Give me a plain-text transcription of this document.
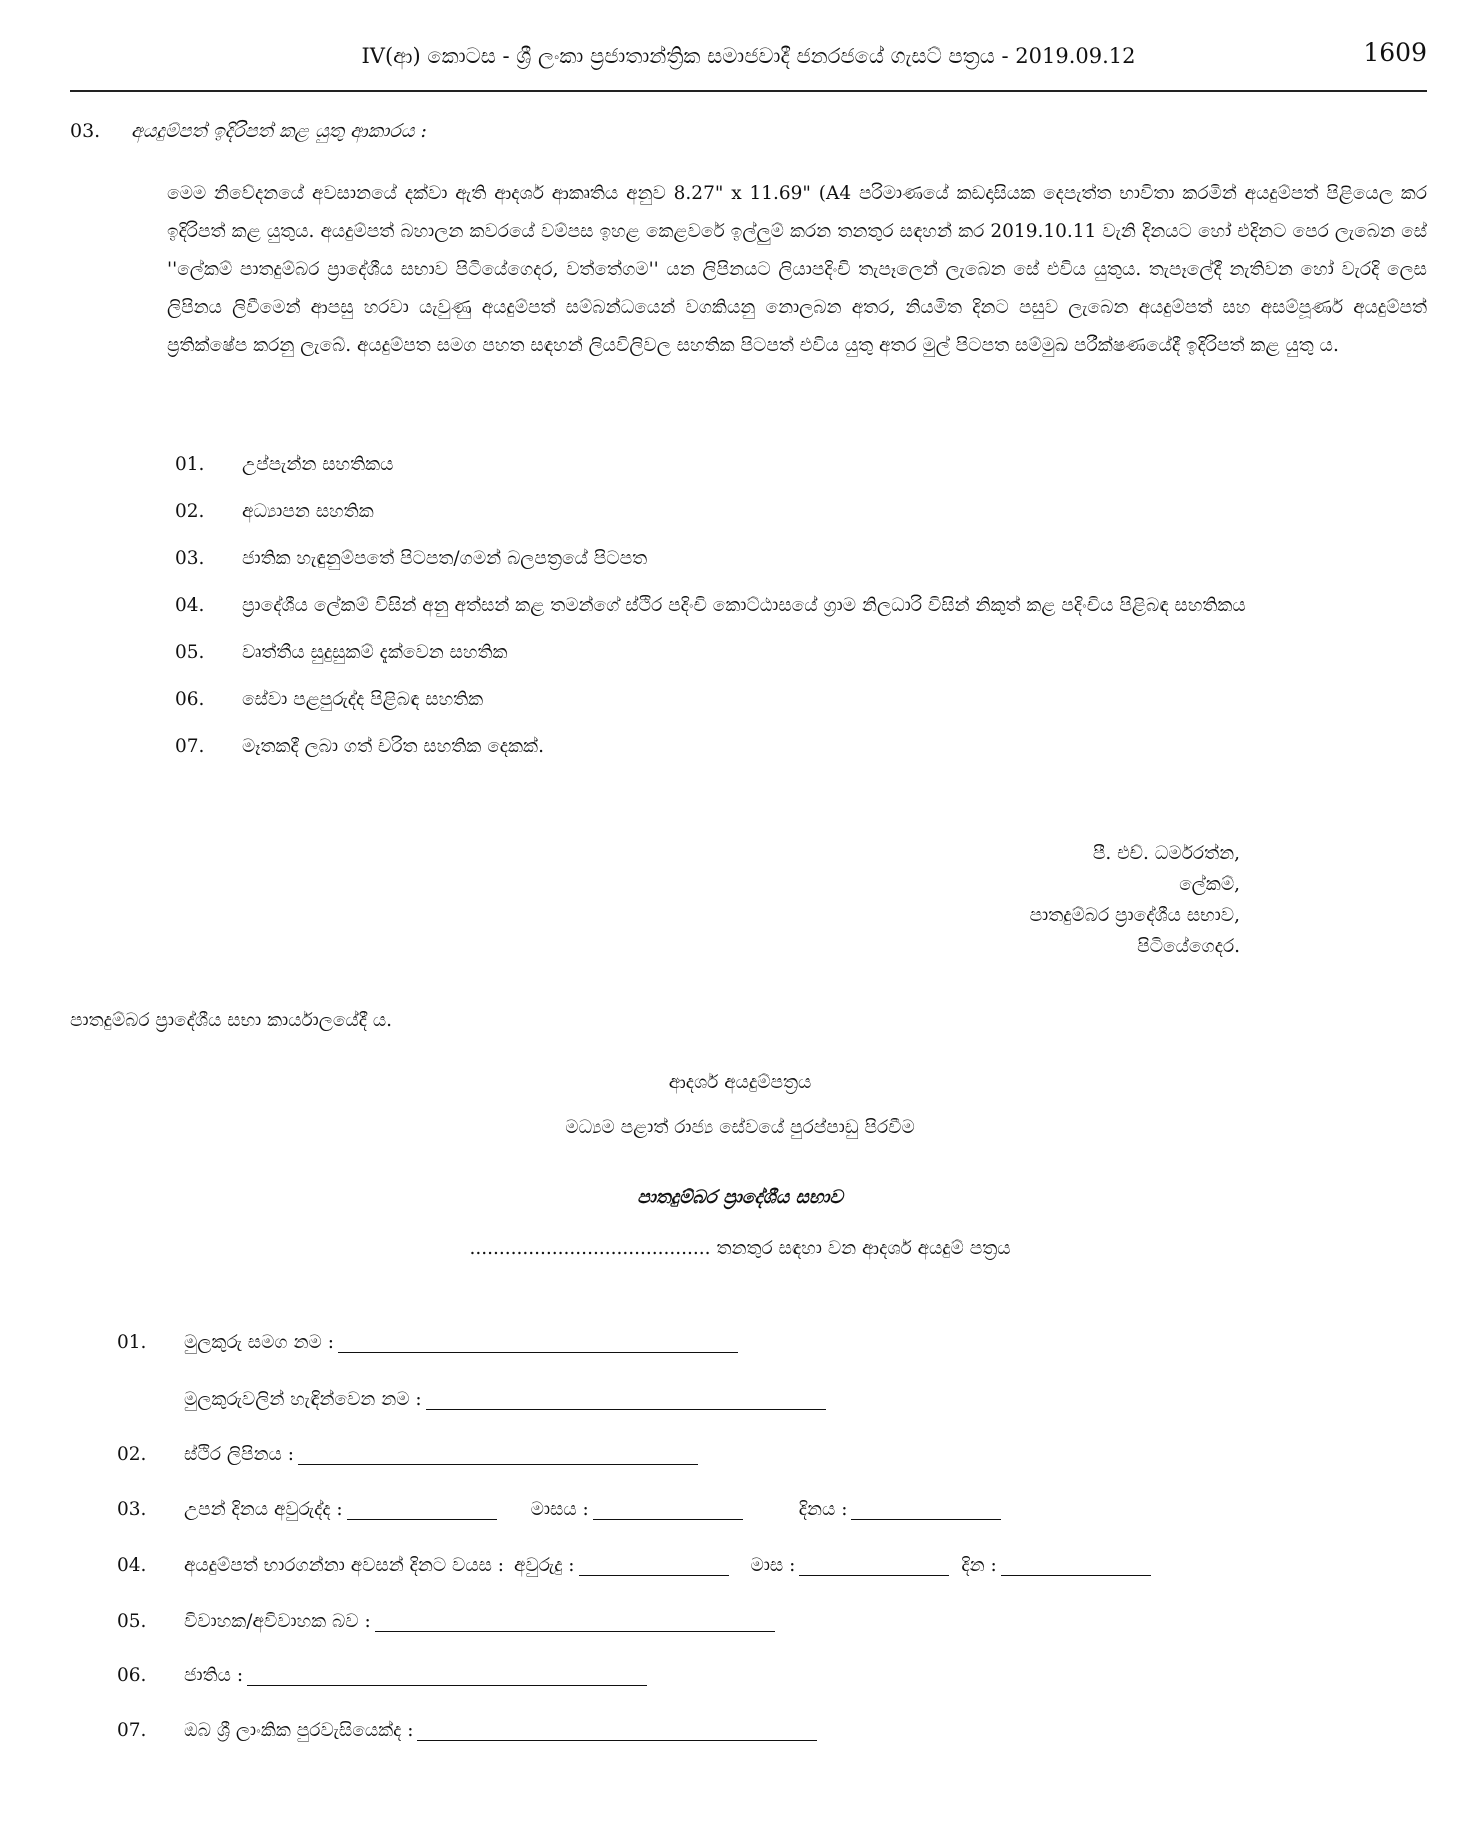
IV(ආ) කොටස - ශ්‍රී ලංකා ප්‍රජාතාන්ත්‍රික සමාජවාදී ජනරජයේ ගැසට් පත්‍රය - 2019.09.12	1609
03. අයදුම්පත් ඉදිරිපත් කළ යුතු ආකාරය :
මෙම නිවේදනයේ අවසානයේ දක්වා ඇති ආදර්ශ ආකෘතිය අනුව 8.27" x 11.69" (A4 පරිමාණයේ කඩදාසියක දෙපැත්ත භාවිතා කරමින් අයදුම්පත් පිළියෙල කර ඉදිරිපත් කළ යුතුය. අයදුම්පත් බහාලන කවරයේ වම්පස ඉහළ කෙළවරේ ඉල්ලුම් කරන තනතුර සඳහන් කර 2019.10.11 වැනි දිනයට හෝ එදිනට පෙර ලැබෙන සේ ''ලේකම් පාතදුම්බර ප්‍රාදේශීය සභාව පිටියේගෙදර, වත්තේගම'' යන ලිපිනයට ලියාපදිංචි තැපෑලෙන් ලැබෙන සේ එවිය යුතුය. තැපෑලේදී නැතිවන හෝ වැරදි ලෙස ලිපිනය ලිවීමෙන් ආපසු හරවා යැවුණු අයදුම්පත් සම්බන්ධයෙන් වගකියනු නොලබන අතර, නියමිත දිනට පසුව ලැබෙන අයදුම්පත් සහ අසම්පූර්ණ අයදුම්පත් ප්‍රතික්ෂේප කරනු ලැබේ. අයදුම්පත සමග පහත සඳහන් ලියවිලිවල සහතික පිටපත් එවිය යුතු අතර මුල් පිටපත සම්මුඛ පරීක්ෂණයේදී ඉදිරිපත් කළ යුතු ය.
01.	උප්පැන්න සහතිකය
02.	අධ්‍යාපන සහතික
03.	ජාතික හැඳුනුම්පතේ පිටපත/ගමන් බලපත්‍රයේ පිටපත
04.	ප්‍රාදේශීය ලේකම් විසින් අනු අත්සන් කළ තමන්ගේ ස්ථිර පදිංචි කොට්ඨාසයේ ග්‍රාම නිලධාරි විසින් නිකුත් කළ පදිංචිය පිළිබඳ සහතිකය
05.	වෘත්තීය සුදුසුකම් දැක්වෙන සහතික
06.	සේවා පළපුරුද්ද පිළිබඳ සහතික
07.	මෑතකදී ලබා ගත් චරිත සහතික දෙකක්.
පී. එච්. ධර්මරත්න,
ලේකම්,
පාතදුම්බර ප්‍රාදේශීය සභාව,
පිටියේගෙදර.
පාතදුම්බර ප්‍රාදේශීය සභා කාර්යාලයේදී ය.
ආදර්ශ අයදුම්පත්‍රය
මධ්‍යම පළාත් රාජ්‍ය සේවයේ පුරප්පාඩු පිරවීම
පාතදුම්බර ප්‍රාදේශීය සභාව
......................................... තනතුර සඳහා වන ආදර්ශ අයදුම් පත්‍රය
01.	මුලකුරු සමග නම :
මුලකුරුවලින් හැඳින්වෙන නම :
02.	ස්ථිර ලිපිනය :
03.	උපන් දිනය අවුරුද්ද :	මාසය :	දිනය :
04.	අයදුම්පත් භාරගන්නා අවසන් දිනට වයස : අවුරුදු :	මාස :	දින :
05.	විවාහක/අවිවාහක බව :
06.	ජාතිය :
07.	ඔබ ශ්‍රී ලාංකික පුරවැසියෙක්ද :
